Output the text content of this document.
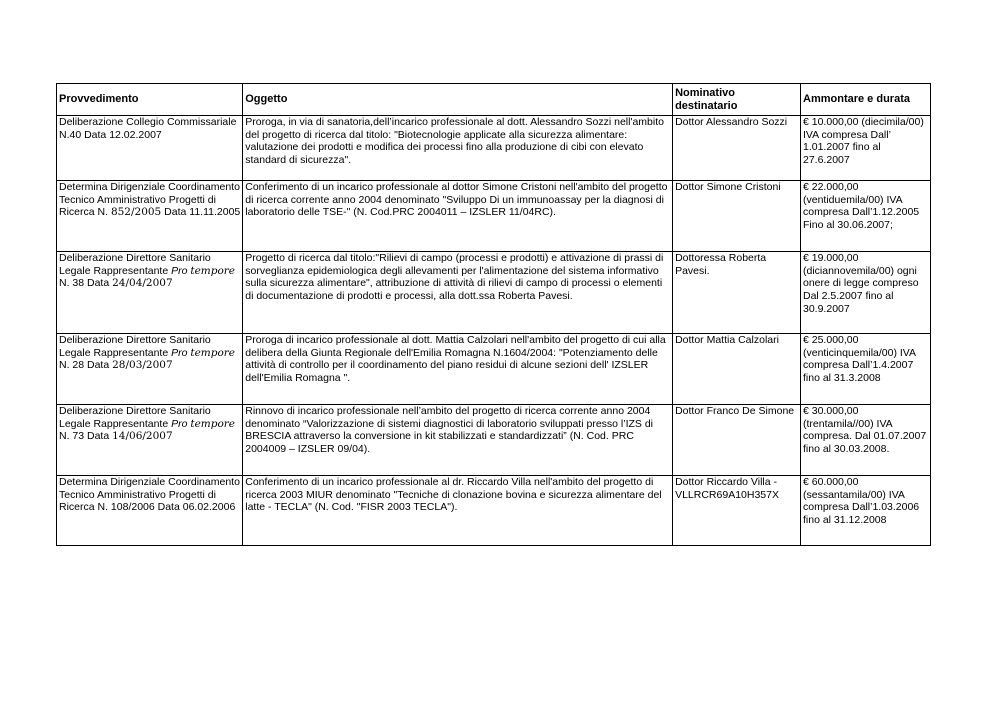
Provvedimento	Oggetto	Nominativo destinatario	Ammontare e durata
Deliberazione Collegio Commissariale N.40 Data 12.02.2007	Proroga, in via di sanatoria,dell’incarico professionale al dott. Alessandro Sozzi nell'ambito del progetto di ricerca dal titolo: "Biotecnologie applicate alla sicurezza alimentare: valutazione dei prodotti e modifica dei processi fino alla produzione di cibi con elevato standard di sicurezza".	Dottor Alessandro Sozzi	€ 10.000,00 (diecimila/00) IVA compresa Dall’ 1.01.2007 fino al 27.6.2007
Determina Dirigenziale Coordinamento Tecnico Amministrativo Progetti di Ricerca N. 852/2005 Data 11.11.2005	Conferimento di un incarico professionale al dottor Simone Cristoni nell'ambito del progetto di ricerca corrente anno 2004 denominato "Sviluppo Di un immunoassay per la diagnosi di laboratorio delle TSE-" (N. Cod.PRC 2004011 – IZSLER 11/04RC).	Dottor Simone Cristoni	€ 22.000,00 (ventiduemila/00) IVA compresa Dall’1.12.2005 Fino al 30.06.2007;
Deliberazione Direttore Sanitario Legale Rappresentante Pro tempore N. 38 Data 24/04/2007	Progetto di ricerca dal titolo:"Rilievi di campo (processi e prodotti) e attivazione di prassi di sorveglianza epidemiologica degli allevamenti per l'alimentazione del sistema informativo sulla sicurezza alimentare", attribuzione di attività di rilievi di campo di processi o elementi di documentazione di prodotti e processi, alla dott.ssa Roberta Pavesi.	Dottoressa Roberta Pavesi.	€ 19.000,00 (diciannovemila/00) ogni onere di legge compreso Dal 2.5.2007 fino al 30.9.2007
Deliberazione Direttore Sanitario Legale Rappresentante Pro tempore N. 28 Data 28/03/2007	Proroga di incarico professionale al dott. Mattia Calzolari nell'ambito del progetto di cui alla delibera della Giunta Regionale dell'Emilia Romagna N.1604/2004: "Potenziamento delle attività di controllo per il coordinamento del piano residui di alcune sezioni dell' IZSLER dell'Emilia Romagna ".	Dottor Mattia Calzolari	€ 25.000,00 (venticinquemila/00) IVA compresa Dall’1.4.2007 fino al 31.3.2008
Deliberazione Direttore Sanitario Legale Rappresentante Pro tempore N. 73 Data 14/06/2007	Rinnovo di incarico professionale nell’ambito del progetto di ricerca corrente anno 2004 denominato “Valorizzazione di sistemi diagnostici di laboratorio sviluppati presso l’IZS di BRESCIA attraverso la conversione in kit stabilizzati e standardizzati” (N. Cod. PRC 2004009 – IZSLER 09/04).	Dottor Franco De Simone	€ 30.000,00 (trentamila//00) IVA compresa. Dal 01.07.2007 fino al 30.03.2008.
Determina Dirigenziale Coordinamento Tecnico Amministrativo Progetti di Ricerca N. 108/2006 Data 06.02.2006	Conferimento di un incarico professionale al dr. Riccardo Villa nell'ambito del progetto di ricerca 2003 MIUR denominato "Tecniche di clonazione bovina e sicurezza alimentare del latte - TECLA" (N. Cod. "FISR 2003 TECLA").	Dottor Riccardo Villa - VLLRCR69A10H357X	€ 60.000,00 (sessantamila/00) IVA compresa Dall’1.03.2006 fino al 31.12.2008
